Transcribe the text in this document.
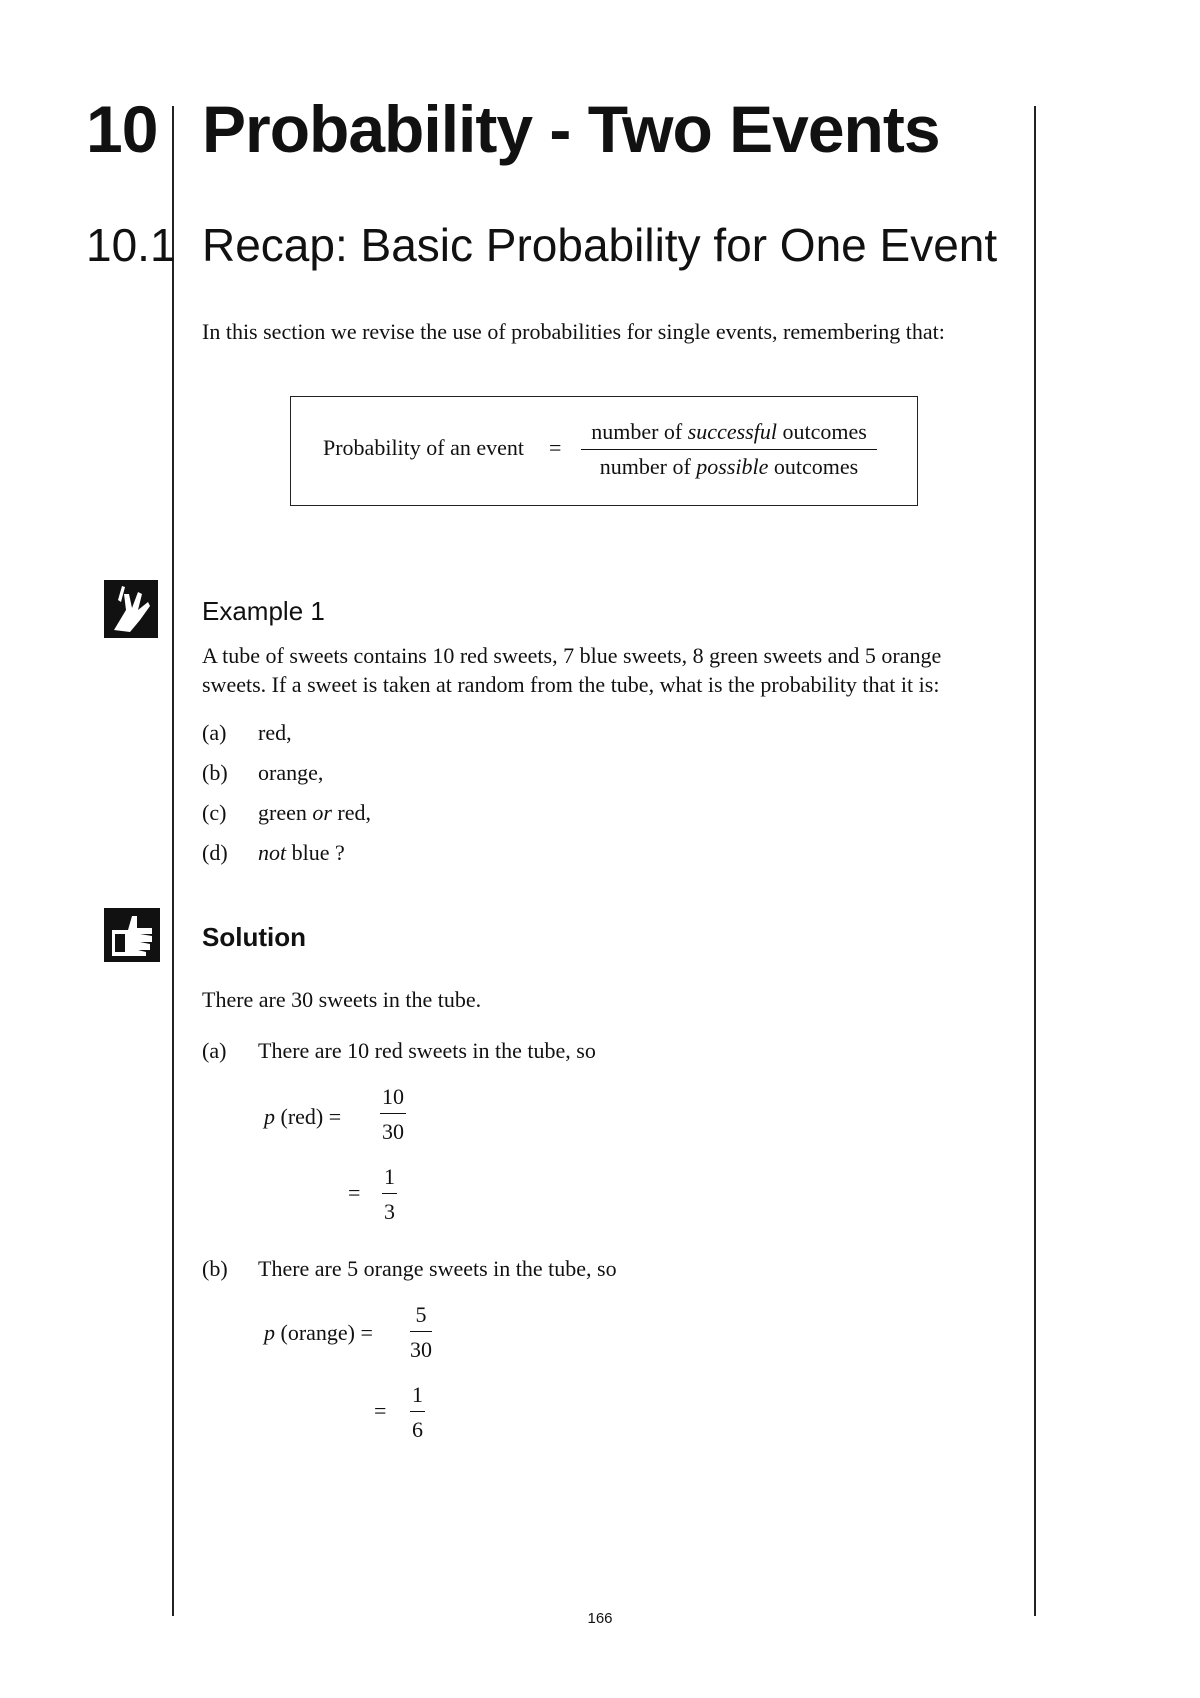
10 Probability - Two Events
10.1 Recap: Basic Probability for One Event
In this section we revise the use of probabilities for single events, remembering that:
Probability of an event =
number of successful outcomes
number of possible outcomes
Example 1
A tube of sweets contains 10 red sweets, 7 blue sweets, 8 green sweets and 5 orange
sweets. If a sweet is taken at random from the tube, what is the probability that it is:
(a) red,
(b) orange,
(c) green or red,
(d) not blue ?
Solution
There are 30 sweets in the tube.
(a) There are 10 red sweets in the tube, so
p $(red) = \frac{10}{30}$
= $\frac{1}{3}$
(b) There are 5 orange sweets in the tube, so
p (orange) = $\frac{5}{30}$
= $\frac{1}{6}$
166
